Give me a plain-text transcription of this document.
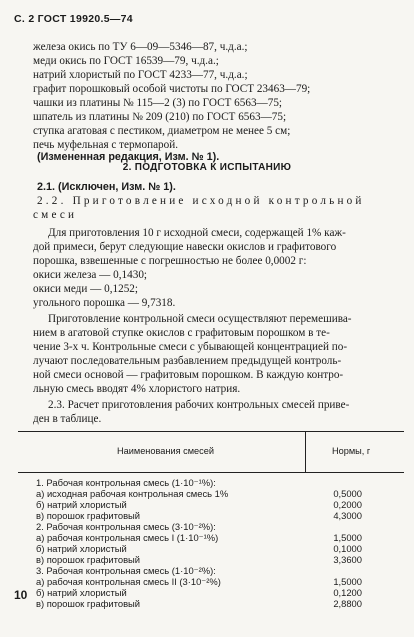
С. 2 ГОСТ 19920.5—74
железа окись по ТУ 6—09—5346—87, ч.д.а.;
меди окись по ГОСТ 16539—79, ч.д.а.;
натрий хлористый по ГОСТ 4233—77, ч.д.а.;
графит порошковый особой чистоты по ГОСТ 23463—79;
чашки из платины № 115—2 (3) по ГОСТ 6563—75;
шпатель из платины № 209 (210) по ГОСТ 6563—75;
ступка агатовая с пестиком, диаметром не менее 5 см;
печь муфельная с термопарой.
(Измененная редакция, Изм. № 1).
2. ПОДГОТОВКА К ИСПЫТАНИЮ
2.1. (Исключен, Изм. № 1).
2.2. Приготовление исходной контрольной
смеси
Для приготовления 10 г исходной смеси, содержащей 1% каж-
дой примеси, берут следующие навески окислов и графитового
порошка, взвешенные с погрешностью не более 0,0002 г:
окиси железа — 0,1430;
окиси меди — 0,1252;
угольного порошка — 9,7318.
Приготовление контрольной смеси осуществляют перемешива-
нием в агатовой ступке окислов с графитовым порошком в те-
чение 3-х ч. Контрольные смеси с убывающей концентрацией по-
лучают последовательным разбавлением предыдущей контроль-
ной смеси основой — графитовым порошком. В каждую контро-
льную смесь вводят 4% хлористого натрия.
2.3. Расчет приготовления рабочих контрольных смесей приве-
ден в таблице.
Наименования смесей	Нормы, г
1. Рабочая контрольная смесь (1·10⁻¹%):
а) исходная рабочая контрольная смесь 1%	0,5000
б) натрий хлористый	0,2000
в) порошок графитовый	4,3000
2. Рабочая контрольная смесь (3·10⁻²%):
а) рабочая контрольная смесь I (1·10⁻¹%)	1,5000
б) натрий хлористый	0,1000
в) порошок графитовый	3,3600
3. Рабочая контрольная смесь (1·10⁻²%):
а) рабочая контрольная смесь II (3·10⁻²%)	1,5000
б) натрий хлористый	0,1200
в) порошок графитовый	2,8800
10
